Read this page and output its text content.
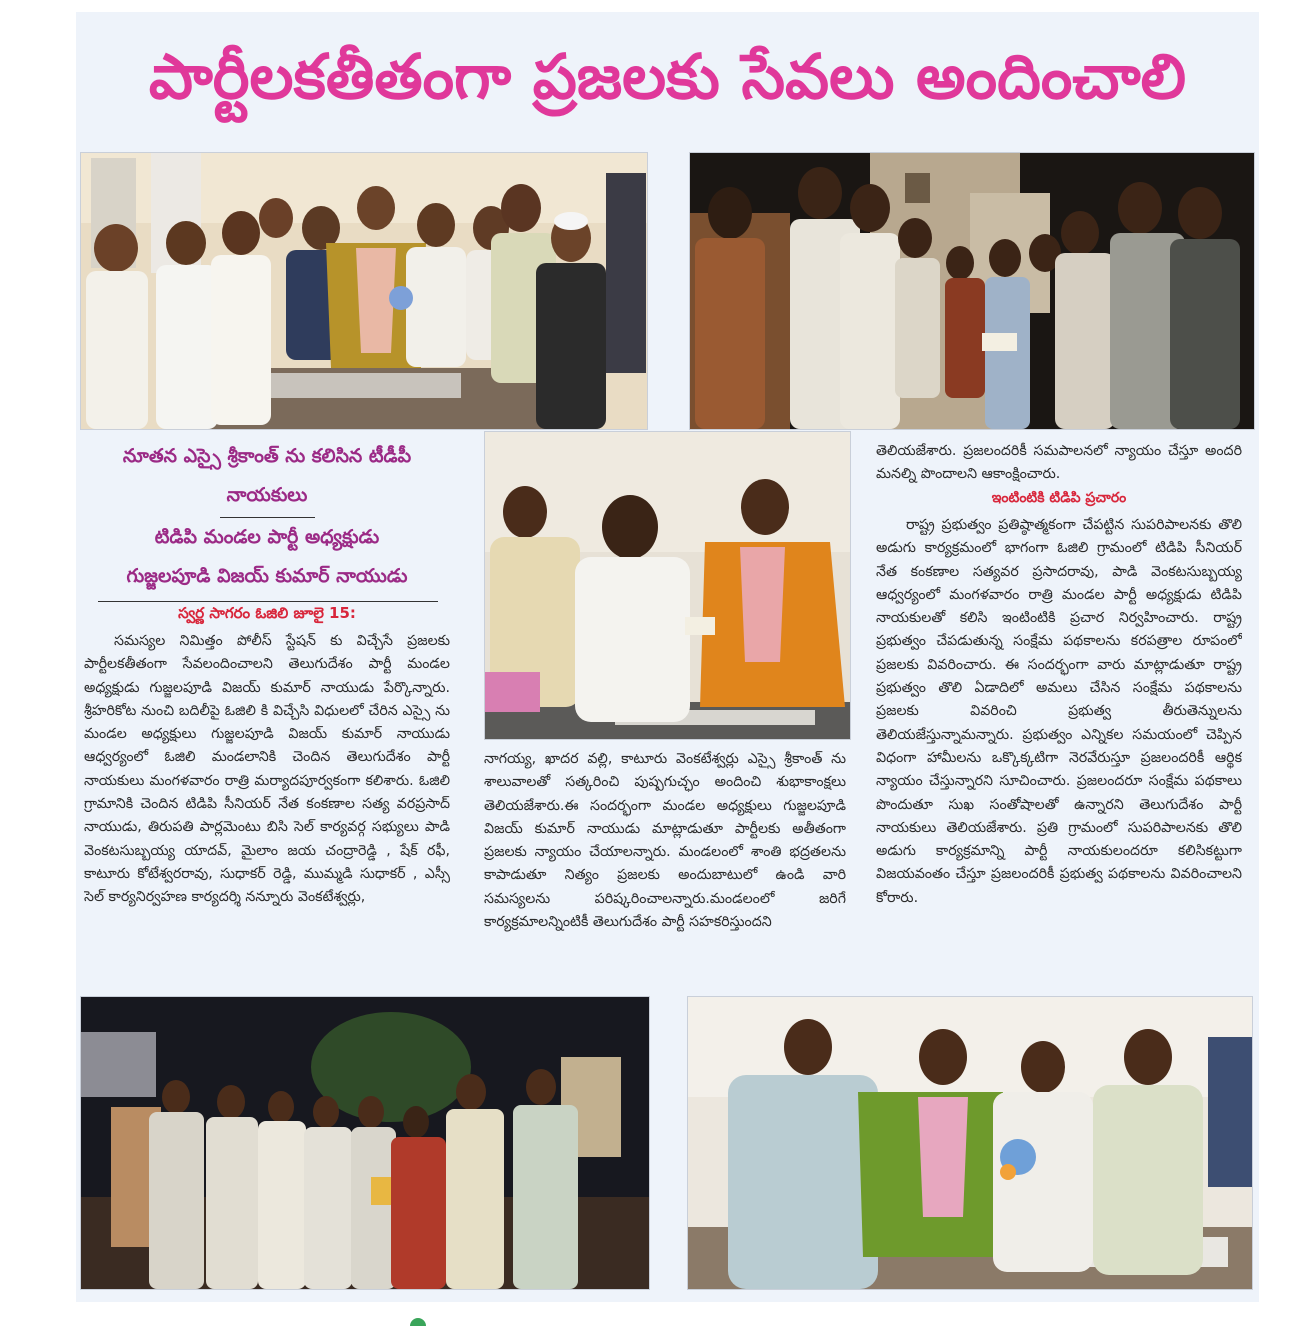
పార్టీలకతీతంగా ప్రజలకు సేవలు అందించాలి
నూతన ఎస్సై శ్రీకాంత్ ను కలిసిన టీడీపీ
నాయకులు
టిడిపి మండల పార్టీ అధ్యక్షుడు
గుజ్జలపూడి విజయ్ కుమార్ నాయుడు
స్వర్ణ సాగరం ఓజిలి జూలై 15:
సమస్యల నిమిత్తం పోలీస్ స్టేషన్ కు విచ్చేసే ప్రజలకు పార్టీలకతీతంగా సేవలందించాలని తెలుగుదేశం పార్టీ మండల అధ్యక్షుడు గుజ్జలపూడి విజయ్ కుమార్ నాయుడు పేర్కొన్నారు. శ్రీహరికోట నుంచి బదిలీపై ఓజిలి కి విచ్చేసి విధులలో చేరిన ఎస్సై ను మండల అధ్యక్షులు గుజ్జలపూడి విజయ్ కుమార్ నాయుడు ఆధ్వర్యంలో ఓజిలి మండలానికి చెందిన తెలుగుదేశం పార్టీ నాయకులు మంగళవారం రాత్రి మర్యాదపూర్వకంగా కలిశారు. ఓజిలి గ్రామానికి చెందిన టిడిపి సీనియర్ నేత కంకణాల సత్య వరప్రసాద్ నాయుడు, తిరుపతి పార్లమెంటు బిసి సెల్ కార్యవర్గ సభ్యులు పాడి వెంకటసుబ్బయ్య యాదవ్, మైలాం జయ చంద్రారెడ్డి , షేక్ రఫీ, కాటూరు కోటేశ్వరరావు, సుధాకర్ రెడ్డి, ముమ్మడి సుధాకర్ , ఎస్సీ సెల్ కార్యనిర్వహణ కార్యదర్శి నన్నూరు వెంకటేశ్వర్లు,
నాగయ్య, ఖాదర వల్లి, కాటూరు వెంకటేశ్వర్లు ఎస్సై శ్రీకాంత్ ను శాలువాలతో సత్కరించి పుష్పగుచ్ఛం అందించి శుభాకాంక్షలు తెలియజేశారు.ఈ సందర్భంగా మండల అధ్యక్షులు గుజ్జలపూడి విజయ్ కుమార్ నాయుడు మాట్లాడుతూ పార్టీలకు అతీతంగా ప్రజలకు న్యాయం చేయాలన్నారు. మండలంలో శాంతి భద్రతలను కాపాడుతూ నిత్యం ప్రజలకు అందుబాటులో ఉండి వారి సమస్యలను పరిష్కరించాలన్నారు.మండలంలో జరిగే కార్యక్రమాలన్నింటికీ తెలుగుదేశం పార్టీ సహకరిస్తుందని
తెలియజేశారు. ప్రజలందరికీ సమపాలనలో న్యాయం చేస్తూ అందరి మనల్ని పొందాలని ఆకాంక్షించారు.
ఇంటింటికి టిడిపి ప్రచారం
రాష్ట్ర ప్రభుత్వం ప్రతిష్ఠాత్మకంగా చేపట్టిన సుపరిపాలనకు తొలి అడుగు కార్యక్రమంలో భాగంగా ఓజిలి గ్రామంలో టిడిపి సీనియర్ నేత కంకణాల సత్యవర ప్రసాదరావు, పాడి వెంకటసుబ్బయ్య ఆధ్వర్యంలో మంగళవారం రాత్రి మండల పార్టీ అధ్యక్షుడు టిడిపి నాయకులతో కలిసి ఇంటింటికి ప్రచార నిర్వహించారు. రాష్ట్ర ప్రభుత్వం చేపడుతున్న సంక్షేమ పథకాలను కరపత్రాల రూపంలో ప్రజలకు వివరించారు. ఈ సందర్భంగా వారు మాట్లాడుతూ రాష్ట్ర ప్రభుత్వం తొలి ఏడాదిలో అమలు చేసిన సంక్షేమ పథకాలను ప్రజలకు వివరించి ప్రభుత్వ తీరుతెన్నులను తెలియజేస్తున్నామన్నారు. ప్రభుత్వం ఎన్నికల సమయంలో చెప్పిన విధంగా హామీలను ఒక్కొక్కటిగా నెరవేరుస్తూ ప్రజలందరికీ ఆర్థిక న్యాయం చేస్తున్నారని సూచించారు. ప్రజలందరూ సంక్షేమ పథకాలు పొందుతూ సుఖ సంతోషాలతో ఉన్నారని తెలుగుదేశం పార్టీ నాయకులు తెలియజేశారు. ప్రతి గ్రామంలో సుపరిపాలనకు తొలి అడుగు కార్యక్రమాన్ని పార్టీ నాయకులందరూ కలిసికట్టుగా విజయవంతం చేస్తూ ప్రజలందరికీ ప్రభుత్వ పథకాలను వివరించాలని కోరారు.
